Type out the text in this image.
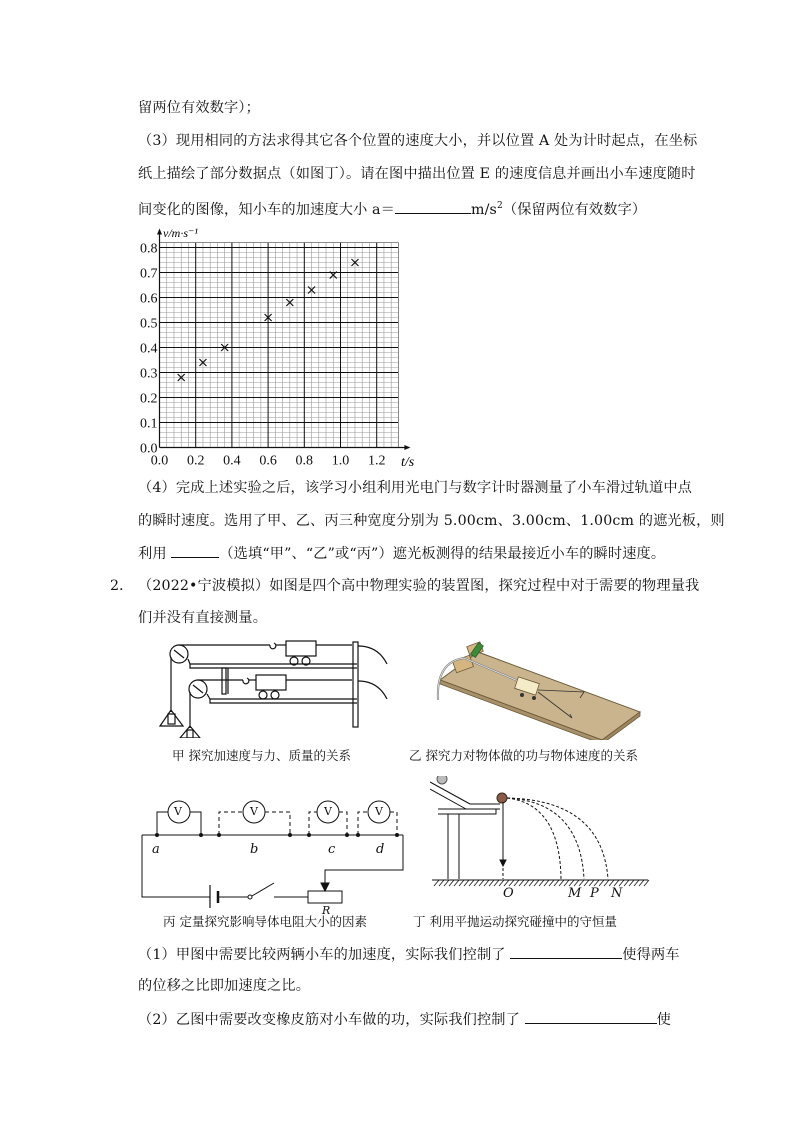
留两位有效数字）；
（3）现用相同的方法求得其它各个位置的速度大小，并以位置 A 处为计时起点，在坐标
纸上描绘了部分数据点（如图丁）。请在图中描出位置 E 的速度信息并画出小车速度随时
间变化的图像，知小车的加速度大小 a＝	$m/s^2$（保留两位有效数字）
0.0 0.2 0.4 0.6 0.8 1.0 1.2
0.0
0.1
0.2
0.3
0.4
0.5
0.6
0.7
0.8
v/m·s⁻¹
t/s
（4）完成上述实验之后，该学习小组利用光电门与数字计时器测量了小车滑过轨道中点
的瞬时速度。选用了甲、乙、丙三种宽度分别为 5.00cm、3.00cm、1.00cm 的遮光板，则
利用	（选填“甲”、“乙”或“丙”）遮光板测得的结果最接近小车的瞬时速度。
2． （2022•宁波模拟）如图是四个高中物理实验的装置图，探究过程中对于需要的物理量我
们并没有直接测量。
甲 探究加速度与力、质量的关系	乙 探究力对物体做的功与物体速度的关系
a	b	c	d
V	V	V	V
R
丙 定量探究影响导体电阻大小的因素
O	M P N
丁 利用平抛运动探究碰撞中的守恒量
（1）甲图中需要比较两辆小车的加速度，实际我们控制了	使得两车
的位移之比即加速度之比。
（2）乙图中需要改变橡皮筋对小车做的功，实际我们控制了	使
